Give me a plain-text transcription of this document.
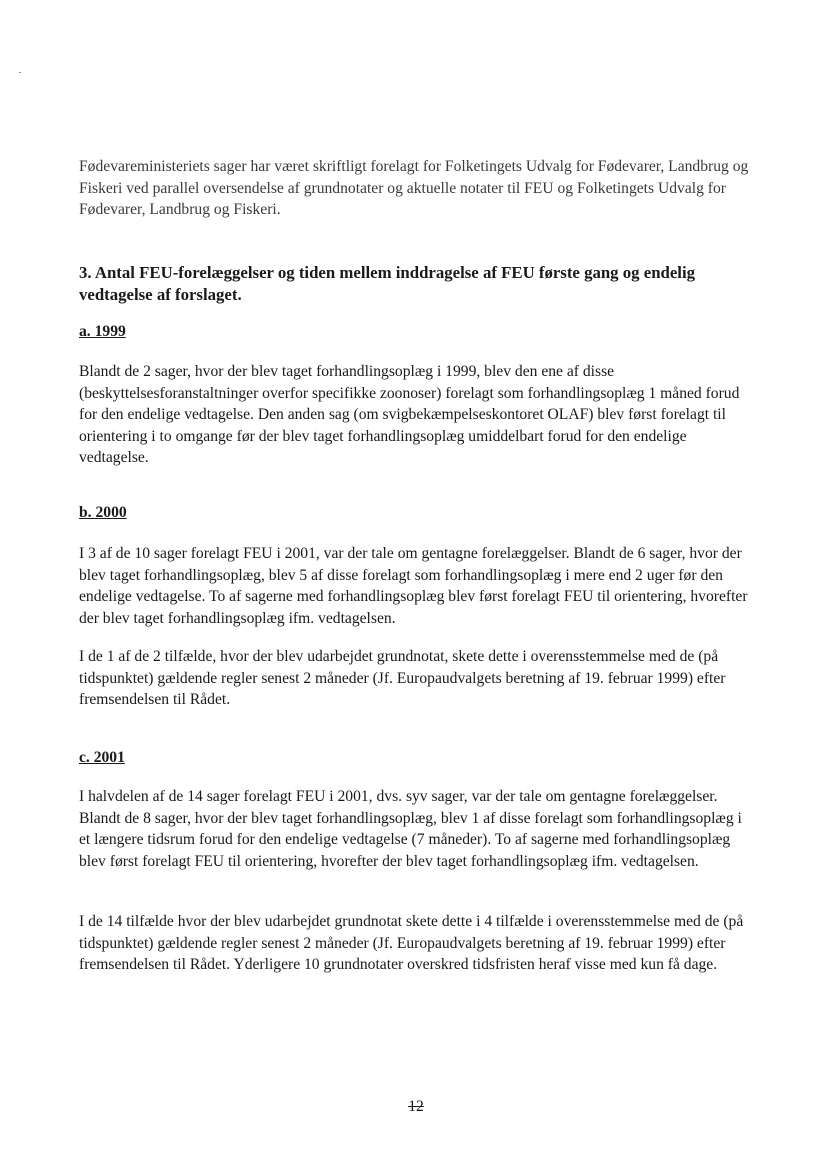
Fødevareministeriets sager har været skriftligt forelagt for Folketingets Udvalg for Fødevarer, Landbrug og Fiskeri ved parallel oversendelse af grundnotater og aktuelle notater til FEU og Folketingets Udvalg for Fødevarer, Landbrug og Fiskeri.

3. Antal FEU-forelæggelser og tiden mellem inddragelse af FEU første gang og endelig vedtagelse af forslaget.

a. 1999

Blandt de 2 sager, hvor der blev taget forhandlingsoplæg i 1999, blev den ene af disse (beskyttelsesforanstaltninger overfor specifikke zoonoser) forelagt som forhandlingsoplæg 1 måned forud for den endelige vedtagelse. Den anden sag (om svigbekæmpelseskontoret OLAF) blev først forelagt til orientering i to omgange før der blev taget forhandlingsoplæg umiddelbart forud for den endelige vedtagelse.

b. 2000

I 3 af de 10 sager forelagt FEU i 2001, var der tale om gentagne forelæggelser. Blandt de 6 sager, hvor der blev taget forhandlingsoplæg, blev 5 af disse forelagt som forhandlingsoplæg i mere end 2 uger før den endelige vedtagelse. To af sagerne med forhandlingsoplæg blev først forelagt FEU til orientering, hvorefter der blev taget forhandlingsoplæg ifm. vedtagelsen.

I de 1 af de 2 tilfælde, hvor der blev udarbejdet grundnotat, skete dette i overensstemmelse med de (på tidspunktet) gældende regler senest 2 måneder (Jf. Europaudvalgets beretning af 19. februar 1999) efter fremsendelsen til Rådet.

c. 2001

I halvdelen af de 14 sager forelagt FEU i 2001, dvs. syv sager, var der tale om gentagne forelæggelser. Blandt de 8 sager, hvor der blev taget forhandlingsoplæg, blev 1 af disse forelagt som forhandlingsoplæg i et længere tidsrum forud for den endelige vedtagelse (7 måneder). To af sagerne med forhandlingsoplæg blev først forelagt FEU til orientering, hvorefter der blev taget forhandlingsoplæg ifm. vedtagelsen.

I de 14 tilfælde hvor der blev udarbejdet grundnotat skete dette i 4 tilfælde i overensstemmelse med de (på tidspunktet) gældende regler senest 2 måneder (Jf. Europaudvalgets beretning af 19. februar 1999) efter fremsendelsen til Rådet. Yderligere 10 grundnotater overskred tidsfristen heraf visse med kun få dage.

12
